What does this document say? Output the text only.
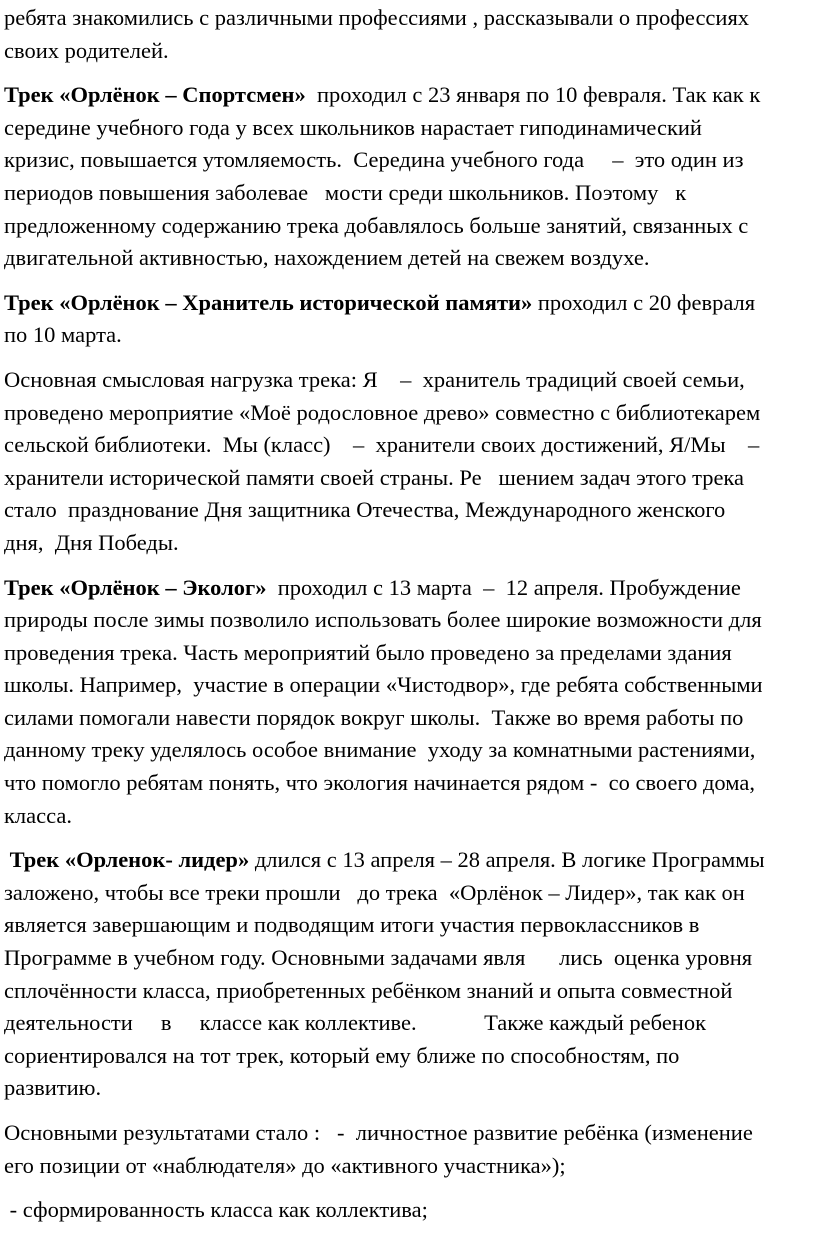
ребята знакомились с различными профессиями , рассказывали о профессиях
своих родителей.

Трек «Орлёнок – Спортсмен»  проходил с 23 января по 10 февраля. Так как к
середине учебного года у всех школьников нарастает гиподинамический
кризис, повышается утомляемость.  Середина учебного года     –  это один из
периодов повышения заболевае   мости среди школьников. Поэтому   к
предложенному содержанию трека добавлялось больше занятий, связанных с
двигательной активностью, нахождением детей на свежем воздухе.

Трек «Орлёнок – Хранитель исторической памяти» проходил с 20 февраля
по 10 марта.

Основная смысловая нагрузка трека: Я    –  хранитель традиций своей семьи,
проведено мероприятие «Моё родословное древо» совместно с библиотекарем
сельской библиотеки.  Мы (класс)    –  хранители своих достижений, Я/Мы    –
хранители исторической памяти своей страны. Ре   шением задач этого трека
стало  празднование Дня защитника Отечества, Международного женского
дня,  Дня Победы.

Трек «Орлёнок – Эколог»  проходил с 13 марта  –  12 апреля. Пробуждение
природы после зимы позволило использовать более широкие возможности для
проведения трека. Часть мероприятий было проведено за пределами здания
школы. Например,  участие в операции «Чистодвор», где ребята собственными
силами помогали навести порядок вокруг школы.  Также во время работы по
данному треку уделялось особое внимание  уходу за комнатными растениями,
что помогло ребятам понять, что экология начинается рядом -  со своего дома,
класса.

Трек «Орленок- лидер» длился с 13 апреля – 28 апреля. В логике Программы
заложено, чтобы все треки прошли   до трека  «Орлёнок – Лидер», так как он
является завершающим и подводящим итоги участия первоклассников в
Программе в учебном году. Основными задачами явля      лись  оценка уровня
сплочённости класса, приобретенных ребёнком знаний и опыта совместной
деятельности     в     классе как коллективе.            Также каждый ребенок
сориентировался на тот трек, который ему ближе по способностям, по
развитию.

Основными результатами стало :   -  личностное развитие ребёнка (изменение
его позиции от «наблюдателя» до «активного участника»);

- сформированность класса как коллектива;
